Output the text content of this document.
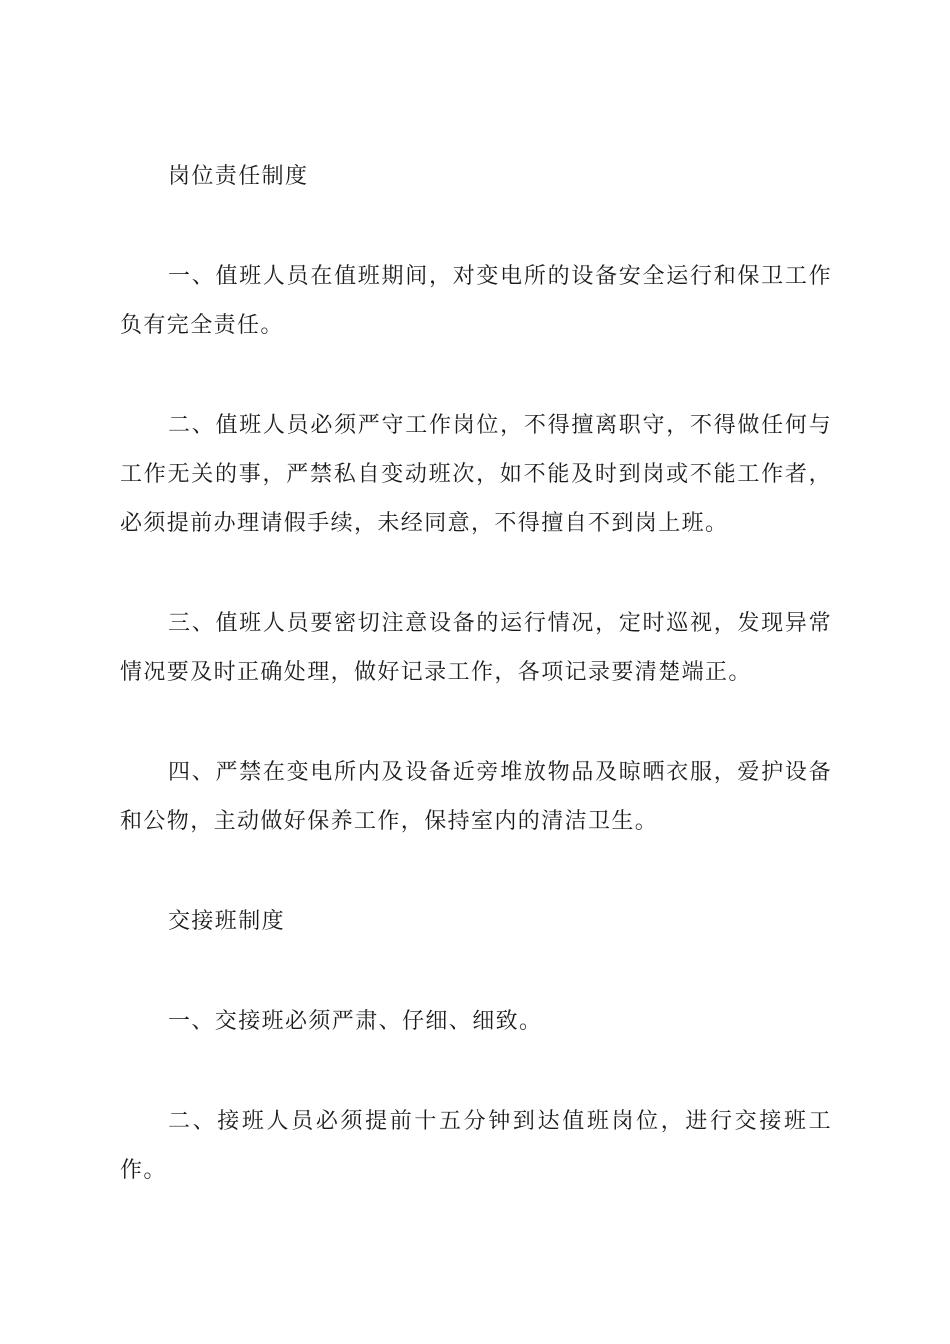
岗位责任制度

一、值班人员在值班期间，对变电所的设备安全运行和保卫工作负有完全责任。

二、值班人员必须严守工作岗位，不得擅离职守，不得做任何与工作无关的事，严禁私自变动班次，如不能及时到岗或不能工作者，必须提前办理请假手续，未经同意，不得擅自不到岗上班。

三、值班人员要密切注意设备的运行情况，定时巡视，发现异常情况要及时正确处理，做好记录工作，各项记录要清楚端正。

四、严禁在变电所内及设备近旁堆放物品及晾晒衣服，爱护设备和公物，主动做好保养工作，保持室内的清洁卫生。

交接班制度

一、交接班必须严肃、仔细、细致。

二、接班人员必须提前十五分钟到达值班岗位，进行交接班工作。
